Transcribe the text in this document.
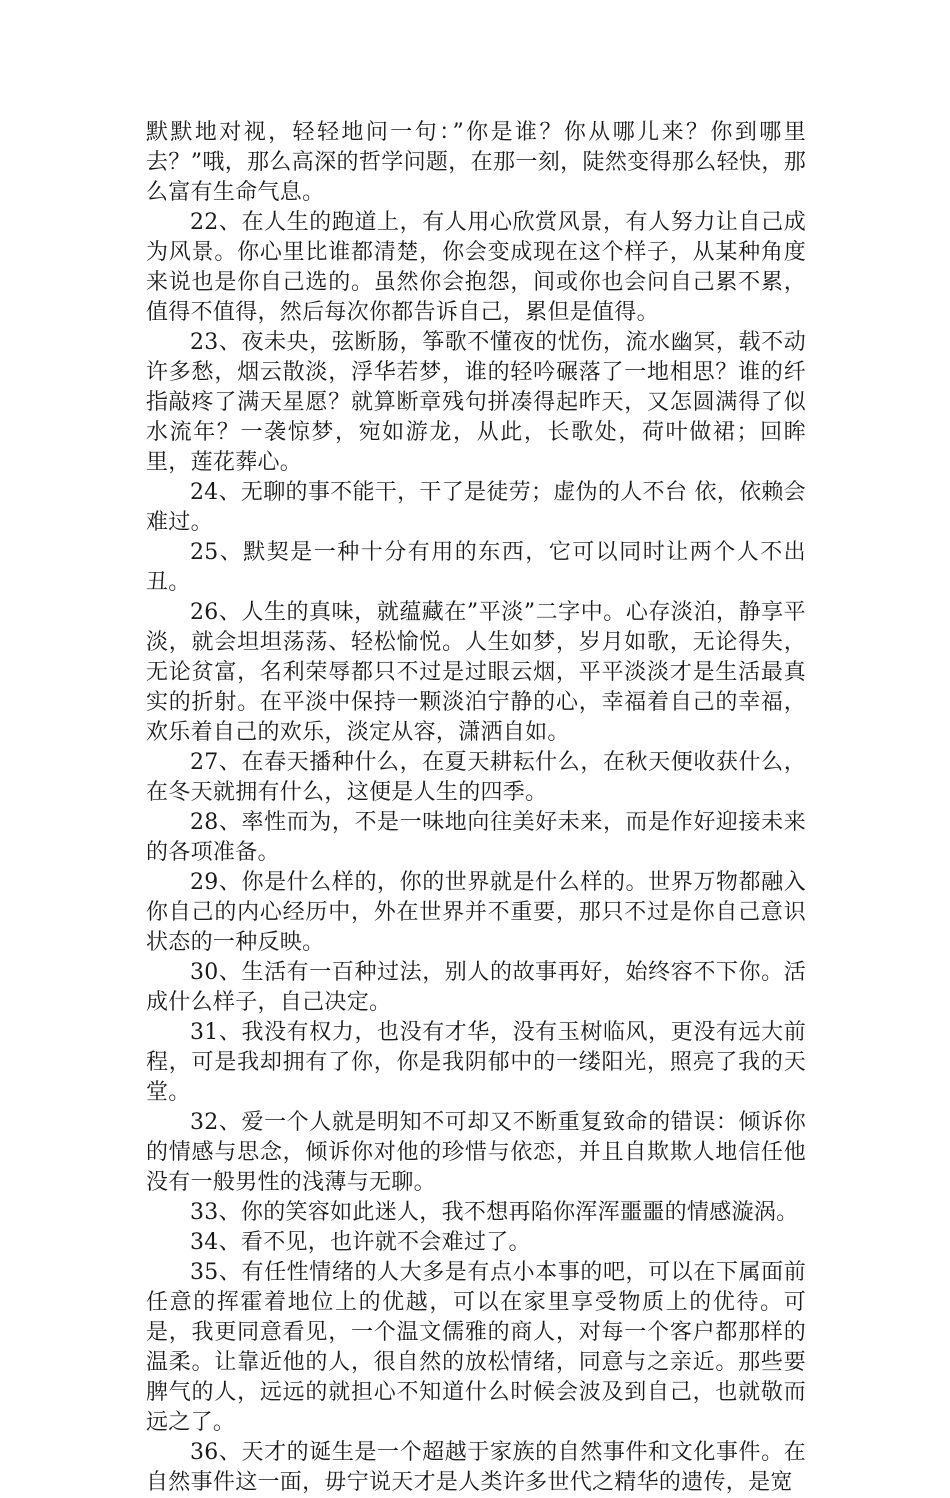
默默地对视，轻轻地问一句：”你是谁？你从哪儿来？你到哪里去？”哦，那么高深的哲学问题，在那一刻，陡然变得那么轻快，那么富有生命气息。

22、在人生的跑道上，有人用心欣赏风景，有人努力让自己成为风景。你心里比谁都清楚，你会变成现在这个样子，从某种角度来说也是你自己选的。虽然你会抱怨，间或你也会问自己累不累，值得不值得，然后每次你都告诉自己，累但是值得。

23、夜未央，弦断肠，筝歌不懂夜的忧伤，流水幽冥，载不动许多愁，烟云散淡，浮华若梦，谁的轻吟碾落了一地相思？谁的纤指敲疼了满天星愿？就算断章残句拼凑得起昨天，又怎圆满得了似水流年？一袭惊梦，宛如游龙，从此，长歌处，荷叶做裙；回眸里，莲花葬心。

24、无聊的事不能干，干了是徒劳；虚伪的人不台 依，依赖会难过。

25、默契是一种十分有用的东西，它可以同时让两个人不出丑。

26、人生的真味，就蕴藏在”平淡”二字中。心存淡泊，静享平淡，就会坦坦荡荡、轻松愉悦。人生如梦，岁月如歌，无论得失，无论贫富，名利荣辱都只不过是过眼云烟，平平淡淡才是生活最真实的折射。在平淡中保持一颗淡泊宁静的心，幸福着自己的幸福，欢乐着自己的欢乐，淡定从容，潇洒自如。

27、在春天播种什么，在夏天耕耘什么，在秋天便收获什么，在冬天就拥有什么，这便是人生的四季。

28、率性而为，不是一味地向往美好未来，而是作好迎接未来的各项准备。

29、你是什么样的，你的世界就是什么样的。世界万物都融入你自己的内心经历中，外在世界并不重要，那只不过是你自己意识状态的一种反映。

30、生活有一百种过法，别人的故事再好，始终容不下你。活成什么样子，自己决定。

31、我没有权力，也没有才华，没有玉树临风，更没有远大前程，可是我却拥有了你，你是我阴郁中的一缕阳光，照亮了我的天堂。

32、爱一个人就是明知不可却又不断重复致命的错误：倾诉你的情感与思念，倾诉你对他的珍惜与依恋，并且自欺欺人地信任他没有一般男性的浅薄与无聊。

33、你的笑容如此迷人，我不想再陷你浑浑噩噩的情感漩涡。

34、看不见，也许就不会难过了。

35、有任性情绪的人大多是有点小本事的吧，可以在下属面前任意的挥霍着地位上的优越，可以在家里享受物质上的优待。可是，我更同意看见，一个温文儒雅的商人，对每一个客户都那样的温柔。让靠近他的人，很自然的放松情绪，同意与之亲近。那些要脾气的人，远远的就担心不知道什么时候会波及到自己，也就敬而远之了。

36、天才的诞生是一个超越于家族的自然事件和文化事件。在自然事件这一面，毋宁说天才是人类许多世代之精华的遗传，是宽
